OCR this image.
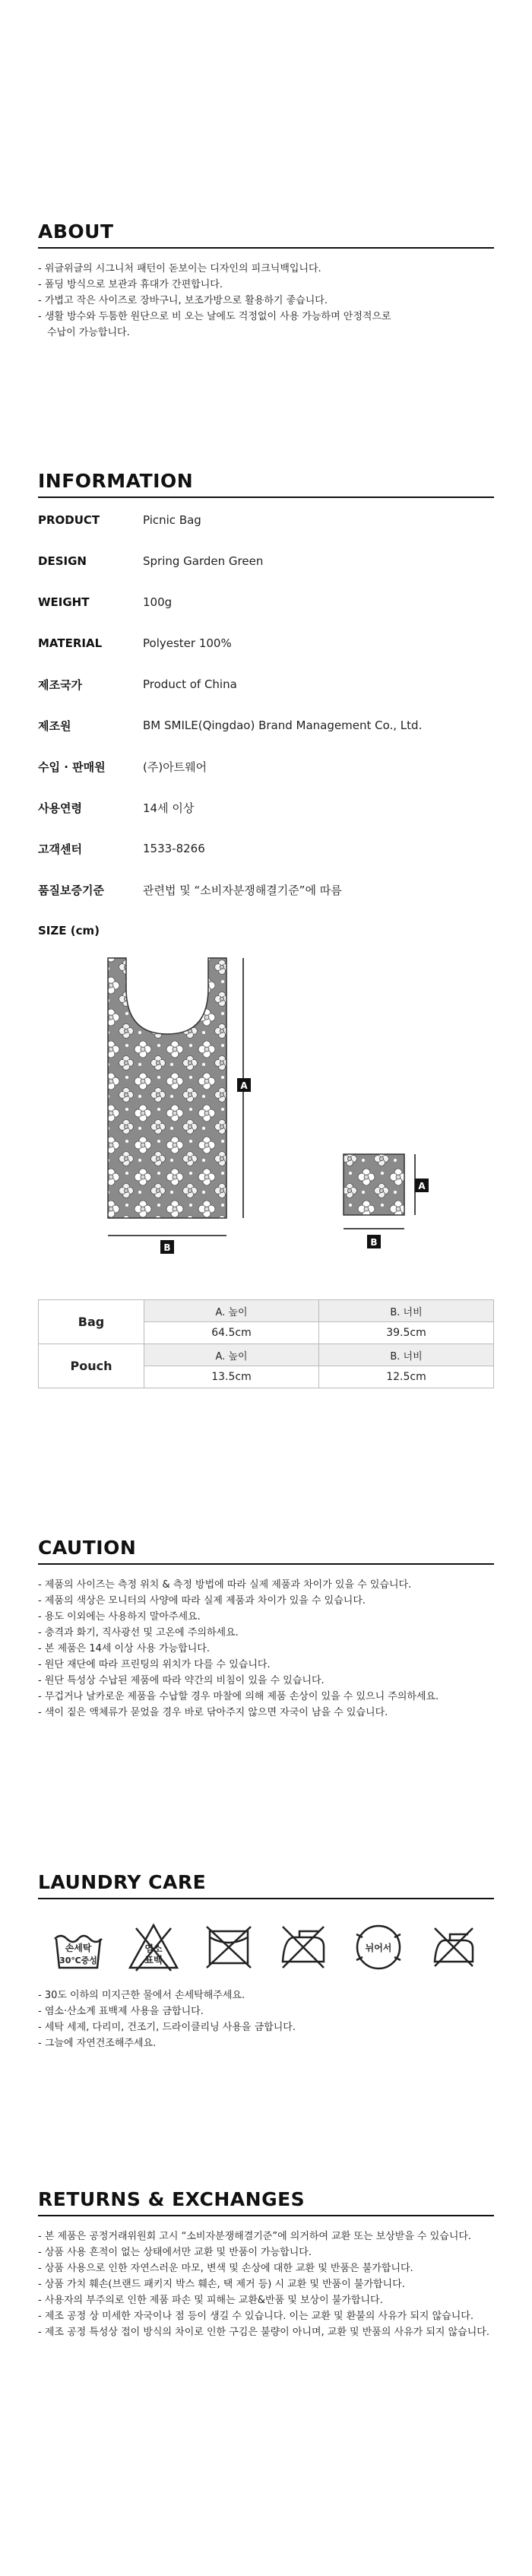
ABOUT
- 위글위글의 시그니처 패턴이 돋보이는 디자인의 피크닉백입니다.
- 폴딩 방식으로 보관과 휴대가 간편합니다.
- 가볍고 작은 사이즈로 장바구니, 보조가방으로 활용하기 좋습니다.
- 생활 방수와 두툼한 원단으로 비 오는 날에도 걱정없이 사용 가능하며 안정적으로
수납이 가능합니다.
INFORMATION
PRODUCT	Picnic Bag
DESIGN	Spring Garden Green
WEIGHT	100g
MATERIAL	Polyester 100%
제조국가	Product of China
제조원	BM SMILE(Qingdao) Brand Management Co., Ltd.
수입 · 판매원	(주)아트웨어
사용연령	14세 이상
고객센터	1533-8266
품질보증기준	관련법 및 “소비자분쟁해결기준”에 따름
SIZE (cm)
A
B
A
B
Bag	A. 높이	B. 너비
	64.5cm	39.5cm
Pouch	A. 높이	B. 너비
	13.5cm	12.5cm
CAUTION
- 제품의 사이즈는 측정 위치 & 측정 방법에 따라 실제 제품과 차이가 있을 수 있습니다.
- 제품의 색상은 모니터의 사양에 따라 실제 제품과 차이가 있을 수 있습니다.
- 용도 이외에는 사용하지 말아주세요.
- 충격과 화기, 직사광선 및 고온에 주의하세요.
- 본 제품은 14세 이상 사용 가능합니다.
- 원단 재단에 따라 프린팅의 위치가 다를 수 있습니다.
- 원단 특성상 수납된 제품에 따라 약간의 비침이 있을 수 있습니다.
- 무겁거나 날카로운 제품을 수납할 경우 마찰에 의해 제품 손상이 있을 수 있으니 주의하세요.
- 색이 짙은 액체류가 묻었을 경우 바로 닦아주지 않으면 자국이 남을 수 있습니다.
LAUNDRY CARE
손세탁
30℃중성
염소
표백
뉘어서
- 30도 이하의 미지근한 물에서 손세탁해주세요.
- 염소·산소계 표백제 사용을 금합니다.
- 세탁 세제, 다리미, 건조기, 드라이클리닝 사용을 금합니다.
- 그늘에 자연건조해주세요.
RETURNS & EXCHANGES
- 본 제품은 공정거래위원회 고시 “소비자분쟁해결기준”에 의거하여 교환 또는 보상받을 수 있습니다.
- 상품 사용 흔적이 없는 상태에서만 교환 및 반품이 가능합니다.
- 상품 사용으로 인한 자연스러운 마모, 변색 및 손상에 대한 교환 및 반품은 불가합니다.
- 상품 가치 훼손(브랜드 패키지 박스 훼손, 택 제거 등) 시 교환 및 반품이 불가합니다.
- 사용자의 부주의로 인한 제품 파손 및 피해는 교환&반품 및 보상이 불가합니다.
- 제조 공정 상 미세한 자국이나 점 등이 생길 수 있습니다. 이는 교환 및 환불의 사유가 되지 않습니다.
- 제조 공정 특성상 접이 방식의 차이로 인한 구김은 불량이 아니며, 교환 및 반품의 사유가 되지 않습니다.
